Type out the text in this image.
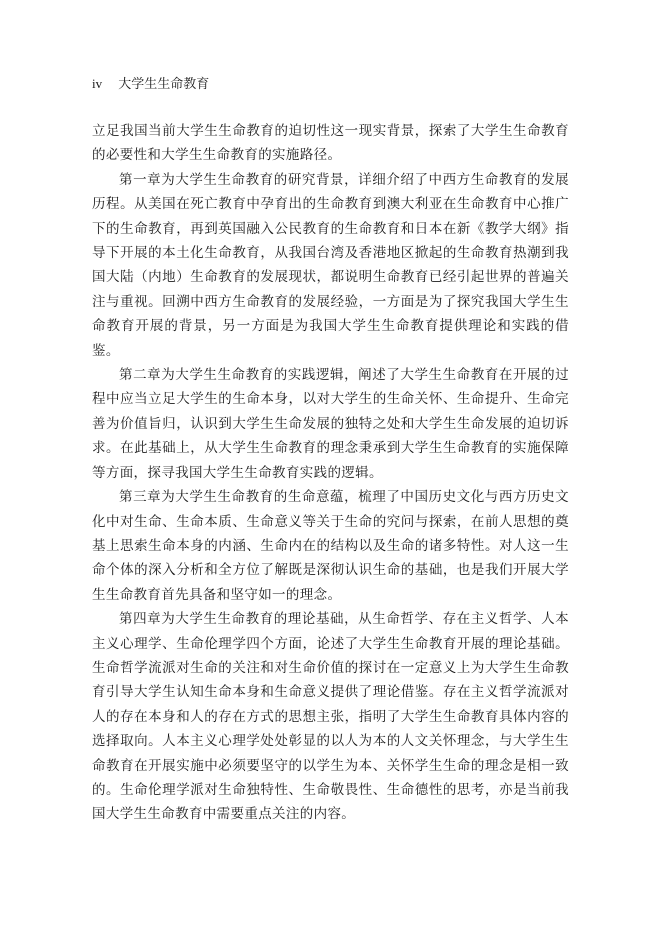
iv 大学生生命教育

立足我国当前大学生生命教育的迫切性这一现实背景，探索了大学生生命教育的必要性和大学生生命教育的实施路径。

第一章为大学生生命教育的研究背景，详细介绍了中西方生命教育的发展历程。从美国在死亡教育中孕育出的生命教育到澳大利亚在生命教育中心推广下的生命教育，再到英国融入公民教育的生命教育和日本在新《教学大纲》指导下开展的本土化生命教育，从我国台湾及香港地区掀起的生命教育热潮到我国大陆（内地）生命教育的发展现状，都说明生命教育已经引起世界的普遍关注与重视。回溯中西方生命教育的发展经验，一方面是为了探究我国大学生生命教育开展的背景，另一方面是为我国大学生生命教育提供理论和实践的借鉴。

第二章为大学生生命教育的实践逻辑，阐述了大学生生命教育在开展的过程中应当立足大学生的生命本身，以对大学生的生命关怀、生命提升、生命完善为价值旨归，认识到大学生生命发展的独特之处和大学生生命发展的迫切诉求。在此基础上，从大学生生命教育的理念秉承到大学生生命教育的实施保障等方面，探寻我国大学生生命教育实践的逻辑。

第三章为大学生生命教育的生命意蕴，梳理了中国历史文化与西方历史文化中对生命、生命本质、生命意义等关于生命的究问与探索，在前人思想的奠基上思索生命本身的内涵、生命内在的结构以及生命的诸多特性。对人这一生命个体的深入分析和全方位了解既是深彻认识生命的基础，也是我们开展大学生生命教育首先具备和坚守如一的理念。

第四章为大学生生命教育的理论基础，从生命哲学、存在主义哲学、人本主义心理学、生命伦理学四个方面，论述了大学生生命教育开展的理论基础。生命哲学流派对生命的关注和对生命价值的探讨在一定意义上为大学生生命教育引导大学生认知生命本身和生命意义提供了理论借鉴。存在主义哲学流派对人的存在本身和人的存在方式的思想主张，指明了大学生生命教育具体内容的选择取向。人本主义心理学处处彰显的以人为本的人文关怀理念，与大学生生命教育在开展实施中必须要坚守的以学生为本、关怀学生生命的理念是相一致的。生命伦理学派对生命独特性、生命敬畏性、生命德性的思考，亦是当前我国大学生生命教育中需要重点关注的内容。
